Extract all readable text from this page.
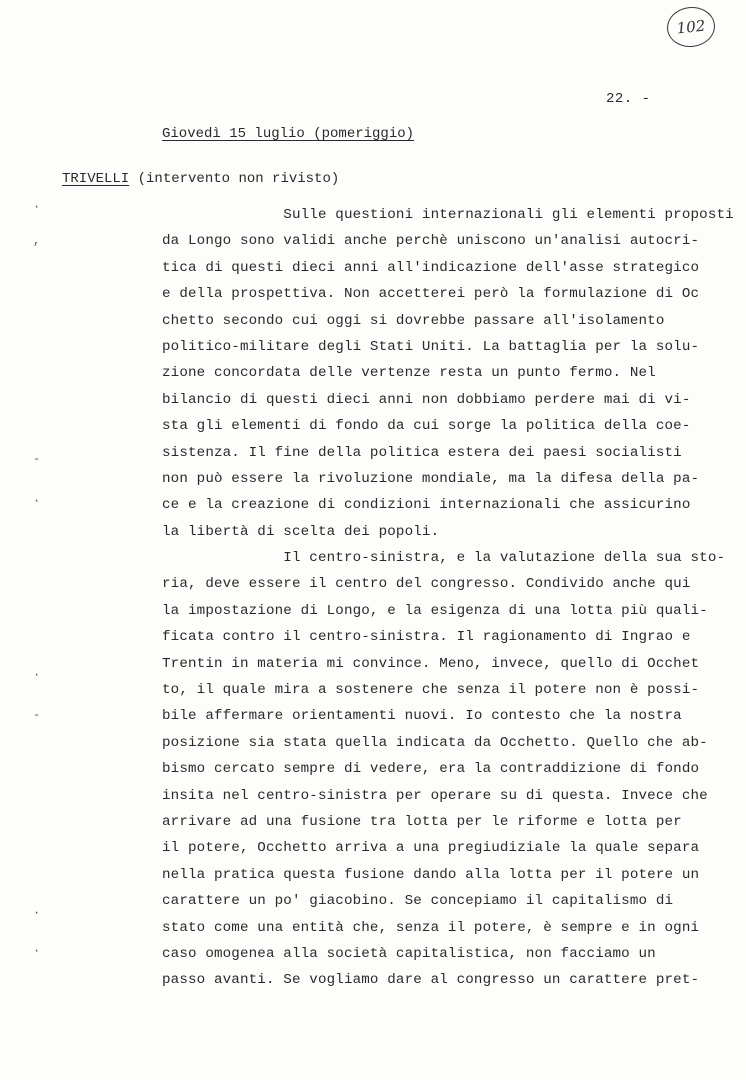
102
22. -
Giovedì 15 luglio (pomeriggio)
TRIVELLI (intervento non rivisto)
·
,
-
·
·
-
·
·
Sulle questioni internazionali gli elementi proposti
da Longo sono validi anche perchè uniscono un'analisi autocri-
tica di questi dieci anni all'indicazione dell'asse strategico
e della prospettiva. Non accetterei però la formulazione di Oc
chetto secondo cui oggi si dovrebbe passare all'isolamento
politico-militare degli Stati Uniti. La battaglia per la solu-
zione concordata delle vertenze resta un punto fermo. Nel
bilancio di questi dieci anni non dobbiamo perdere mai di vi-
sta gli elementi di fondo da cui sorge la politica della coe-
sistenza. Il fine della politica estera dei paesi socialisti
non può essere la rivoluzione mondiale, ma la difesa della pa-
ce e la creazione di condizioni internazionali che assicurino
la libertà di scelta dei popoli.
Il centro-sinistra, e la valutazione della sua sto-
ria, deve essere il centro del congresso. Condivido anche qui
la impostazione di Longo, e la esigenza di una lotta più quali-
ficata contro il centro-sinistra. Il ragionamento di Ingrao e
Trentin in materia mi convince. Meno, invece, quello di Occhet
to, il quale mira a sostenere che senza il potere non è possi-
bile affermare orientamenti nuovi. Io contesto che la nostra
posizione sia stata quella indicata da Occhetto. Quello che ab-
bismo cercato sempre di vedere, era la contraddizione di fondo
insita nel centro-sinistra per operare su di questa. Invece che
arrivare ad una fusione tra lotta per le riforme e lotta per
il potere, Occhetto arriva a una pregiudiziale la quale separa
nella pratica questa fusione dando alla lotta per il potere un
carattere un po' giacobino. Se concepiamo il capitalismo di
stato come una entità che, senza il potere, è sempre e in ogni
caso omogenea alla società capitalistica, non facciamo un
passo avanti. Se vogliamo dare al congresso un carattere pret-
